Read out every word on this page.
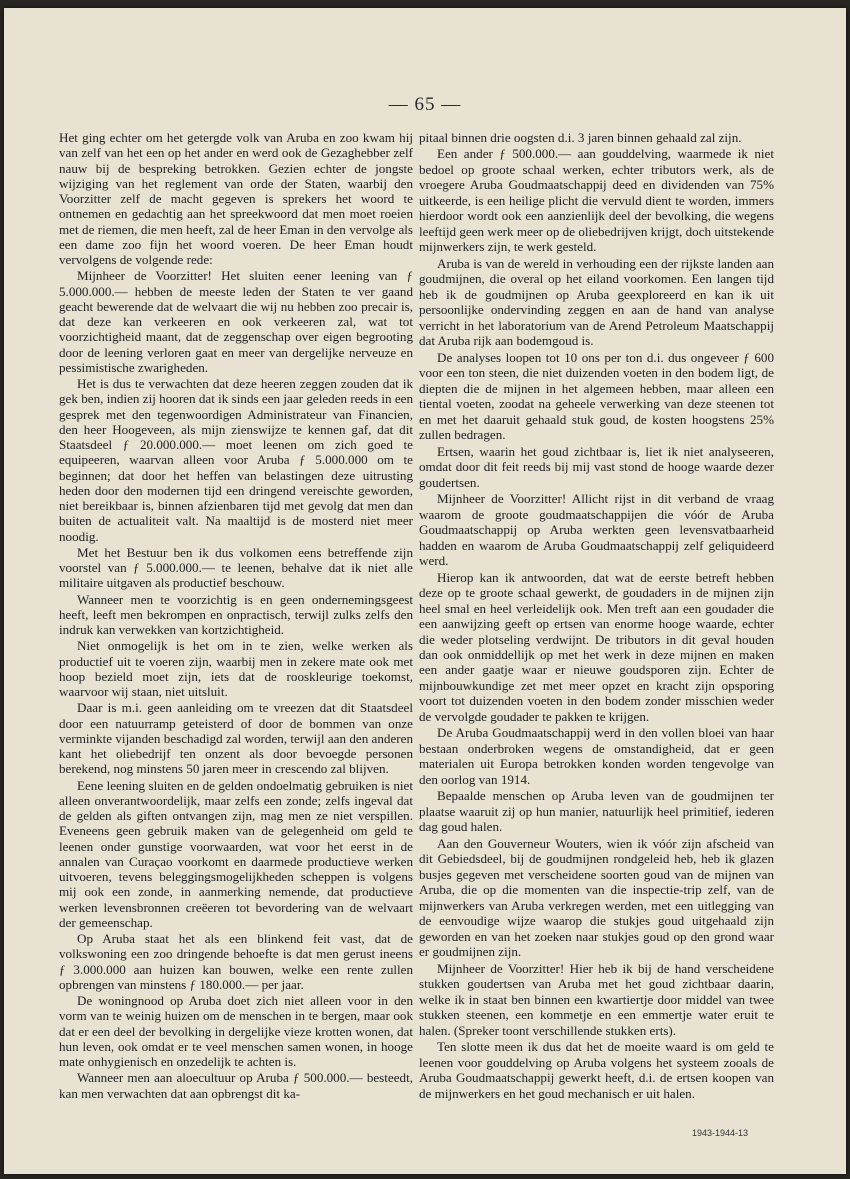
— 65 —

Het ging echter om het getergde volk van Aruba en zoo kwam hij van zelf van het een op het ander en werd ook de Gezaghebber zelf nauw bij de bespreking betrokken. Gezien echter de jongste wijziging van het reglement van orde der Staten, waarbij den Voorzitter zelf de macht gegeven is sprekers het woord te ontnemen en gedachtig aan het spreekwoord dat men moet roeien met de riemen, die men heeft, zal de heer Eman in den vervolge als een dame zoo fijn het woord voeren. De heer Eman houdt vervolgens de volgende rede:

Mijnheer de Voorzitter! Het sluiten eener leening van ƒ 5.000.000.— hebben de meeste leden der Staten te ver gaand geacht bewerende dat de welvaart die wij nu hebben zoo precair is, dat deze kan verkeeren en ook verkeeren zal, wat tot voorzichtigheid maant, dat de zeggenschap over eigen begrooting door de leening verloren gaat en meer van dergelijke nerveuze en pessimistische zwarigheden.

Het is dus te verwachten dat deze heeren zeggen zouden dat ik gek ben, indien zij hooren dat ik sinds een jaar geleden reeds in een gesprek met den tegenwoordigen Administrateur van Financien, den heer Hoogeveen, als mijn zienswijze te kennen gaf, dat dit Staatsdeel ƒ 20.000.000.— moet leenen om zich goed te equipeeren, waarvan alleen voor Aruba ƒ 5.000.000 om te beginnen; dat door het heffen van belastingen deze uitrusting heden door den modernen tijd een dringend vereischte geworden, niet bereikbaar is, binnen afzienbaren tijd met gevolg dat men dan buiten de actualiteit valt. Na maaltijd is de mosterd niet meer noodig.

Met het Bestuur ben ik dus volkomen eens betreffende zijn voorstel van ƒ 5.000.000.— te leenen, behalve dat ik niet alle militaire uitgaven als productief beschouw.

Wanneer men te voorzichtig is en geen ondernemingsgeest heeft, leeft men bekrompen en onpractisch, terwijl zulks zelfs den indruk kan verwekken van kortzichtigheid.

Niet onmogelijk is het om in te zien, welke werken als productief uit te voeren zijn, waarbij men in zekere mate ook met hoop bezield moet zijn, iets dat de rooskleurige toekomst, waarvoor wij staan, niet uitsluit.

Daar is m.i. geen aanleiding om te vreezen dat dit Staatsdeel door een natuurramp geteisterd of door de bommen van onze verminkte vijanden beschadigd zal worden, terwijl aan den anderen kant het oliebedrijf ten onzent als door bevoegde personen berekend, nog minstens 50 jaren meer in crescendo zal blijven.

Eene leening sluiten en de gelden ondoelmatig gebruiken is niet alleen onverantwoordelijk, maar zelfs een zonde; zelfs ingeval dat de gelden als giften ontvangen zijn, mag men ze niet verspillen. Eveneens geen gebruik maken van de gelegenheid om geld te leenen onder gunstige voorwaarden, wat voor het eerst in de annalen van Curaçao voorkomt en daarmede productieve werken uitvoeren, tevens beleggingsmogelijkheden scheppen is volgens mij ook een zonde, in aanmerking nemende, dat productieve werken levensbronnen creëeren tot bevordering van de welvaart der gemeenschap.

Op Aruba staat het als een blinkend feit vast, dat de volkswoning een zoo dringende behoefte is dat men gerust ineens ƒ 3.000.000 aan huizen kan bouwen, welke een rente zullen opbrengen van minstens ƒ 180.000.— per jaar.

De woningnood op Aruba doet zich niet alleen voor in den vorm van te weinig huizen om de menschen in te bergen, maar ook dat er een deel der bevolking in dergelijke vieze krotten wonen, dat hun leven, ook omdat er te veel menschen samen wonen, in hooge mate onhygienisch en onzedelijk te achten is.

Wanneer men aan aloecultuur op Aruba ƒ 500.000.— besteedt, kan men verwachten dat aan opbrengst dit ka-

pitaal binnen drie oogsten d.i. 3 jaren binnen gehaald zal zijn.

Een ander ƒ 500.000.— aan gouddelving, waarmede ik niet bedoel op groote schaal werken, echter tributors werk, als de vroegere Aruba Goudmaatschappij deed en dividenden van 75% uitkeerde, is een heilige plicht die vervuld dient te worden, immers hierdoor wordt ook een aanzienlijk deel der bevolking, die wegens leeftijd geen werk meer op de oliebedrijven krijgt, doch uitstekende mijnwerkers zijn, te werk gesteld.

Aruba is van de wereld in verhouding een der rijkste landen aan goudmijnen, die overal op het eiland voorkomen. Een langen tijd heb ik de goudmijnen op Aruba geexploreerd en kan ik uit persoonlijke ondervinding zeggen en aan de hand van analyse verricht in het laboratorium van de Arend Petroleum Maatschappij dat Aruba rijk aan bodemgoud is.

De analyses loopen tot 10 ons per ton d.i. dus ongeveer ƒ 600 voor een ton steen, die niet duizenden voeten in den bodem ligt, de diepten die de mijnen in het algemeen hebben, maar alleen een tiental voeten, zoodat na geheele verwerking van deze steenen tot en met het daaruit gehaald stuk goud, de kosten hoogstens 25% zullen bedragen.

Ertsen, waarin het goud zichtbaar is, liet ik niet analyseeren, omdat door dit feit reeds bij mij vast stond de hooge waarde dezer goudertsen.

Mijnheer de Voorzitter! Allicht rijst in dit verband de vraag waarom de groote goudmaatschappijen die vóór de Aruba Goudmaatschappij op Aruba werkten geen levensvatbaarheid hadden en waarom de Aruba Goudmaatschappij zelf geliquideerd werd.

Hierop kan ik antwoorden, dat wat de eerste betreft hebben deze op te groote schaal gewerkt, de goudaders in de mijnen zijn heel smal en heel verleidelijk ook. Men treft aan een goudader die een aanwijzing geeft op ertsen van enorme hooge waarde, echter die weder plotseling verdwijnt. De tributors in dit geval houden dan ook onmiddellijk op met het werk in deze mijnen en maken een ander gaatje waar er nieuwe goudsporen zijn. Echter de mijnbouwkundige zet met meer opzet en kracht zijn opsporing voort tot duizenden voeten in den bodem zonder misschien weder de vervolgde goudader te pakken te krijgen.

De Aruba Goudmaatschappij werd in den vollen bloei van haar bestaan onderbroken wegens de omstandigheid, dat er geen materialen uit Europa betrokken konden worden tengevolge van den oorlog van 1914.

Bepaalde menschen op Aruba leven van de goudmijnen ter plaatse waaruit zij op hun manier, natuurlijk heel primitief, iederen dag goud halen.

Aan den Gouverneur Wouters, wien ik vóór zijn afscheid van dit Gebiedsdeel, bij de goudmijnen rondgeleid heb, heb ik glazen busjes gegeven met verscheidene soorten goud van de mijnen van Aruba, die op die momenten van die inspectie-trip zelf, van de mijnwerkers van Aruba verkregen werden, met een uitlegging van de eenvoudige wijze waarop die stukjes goud uitgehaald zijn geworden en van het zoeken naar stukjes goud op den grond waar er goudmijnen zijn.

Mijnheer de Voorzitter! Hier heb ik bij de hand verscheidene stukken goudertsen van Aruba met het goud zichtbaar daarin, welke ik in staat ben binnen een kwartiertje door middel van twee stukken steenen, een kommetje en een emmertje water eruit te halen. (Spreker toont verschillende stukken erts).

Ten slotte meen ik dus dat het de moeite waard is om geld te leenen voor gouddelving op Aruba volgens het systeem zooals de Aruba Goudmaatschappij gewerkt heeft, d.i. de ertsen koopen van de mijnwerkers en het goud mechanisch er uit halen.

1943-1944-13
